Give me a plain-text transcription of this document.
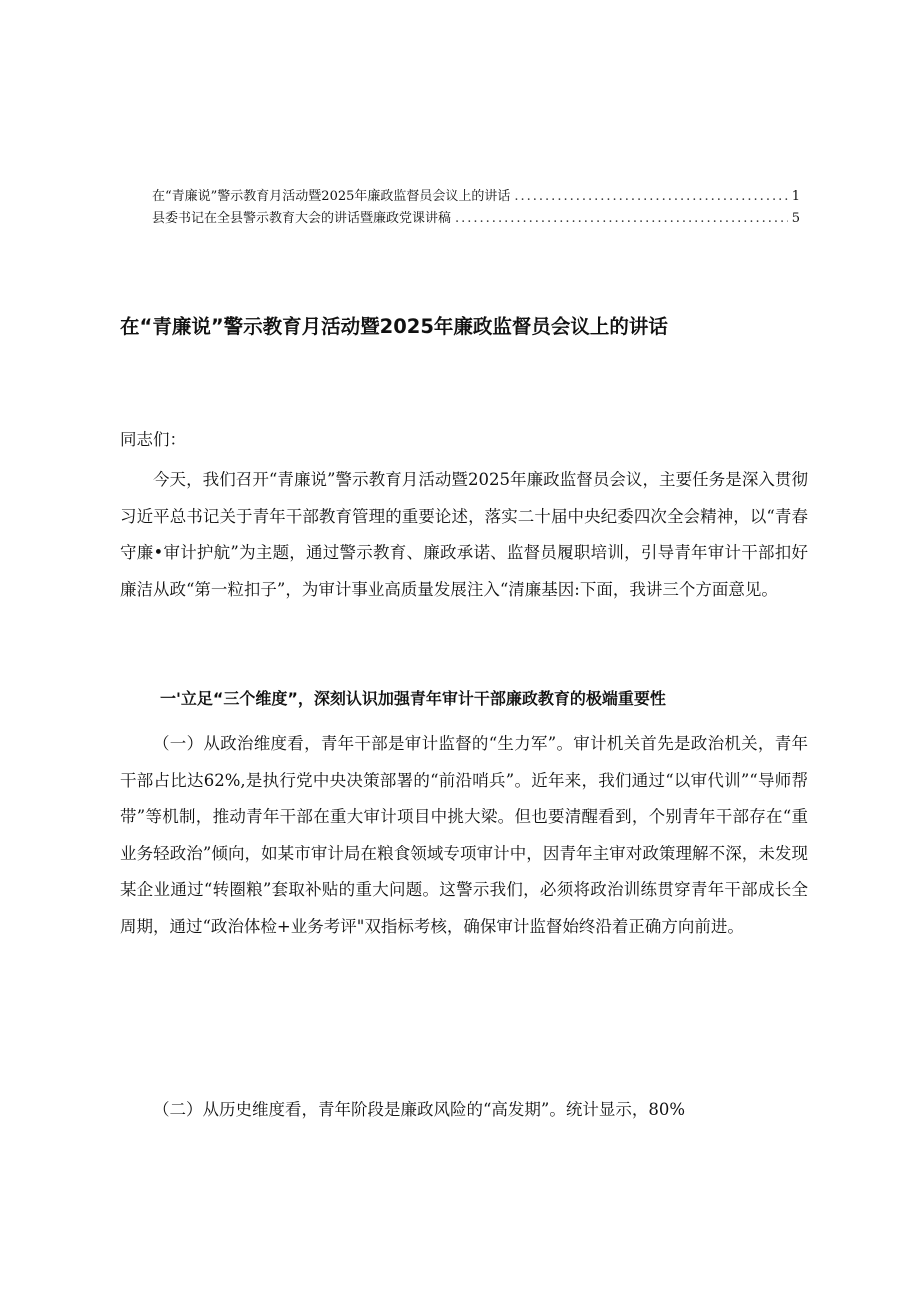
在“青廉说”警示教育月活动暨2025年廉政监督员会议上的讲话 .....	1
县委书记在全县警示教育大会的讲话暨廉政党课讲稿 .....	5
在“青廉说”警示教育月活动暨2025年廉政监督员会议上的讲话
同志们：

今天，我们召开“青廉说”警示教育月活动暨2025年廉政监督员会议，主要任务是深入贯彻习近平总书记关于青年干部教育管理的重要论述，落实二十届中央纪委四次全会精神，以“青春守廉•审计护航”为主题，通过警示教育、廉政承诺、监督员履职培训，引导青年审计干部扣好廉洁从政“第一粒扣子”，为审计事业高质量发展注入“清廉基因:下面，我讲三个方面意见。

一'立足“三个维度”，深刻认识加强青年审计干部廉政教育的极端重要性

（一）从政治维度看，青年干部是审计监督的“生力军”。审计机关首先是政治机关，青年干部占比达62%,是执行党中央决策部署的“前沿哨兵”。近年来，我们通过“以审代训”“导师帮带”等机制，推动青年干部在重大审计项目中挑大梁。但也要清醒看到，个别青年干部存在“重业务轻政治”倾向，如某市审计局在粮食领域专项审计中，因青年主审对政策理解不深，未发现某企业通过“转圈粮”套取补贴的重大问题。这警示我们，必须将政治训练贯穿青年干部成长全周期，通过“政治体检+业务考评"双指标考核，确保审计监督始终沿着正确方向前进。

（二）从历史维度看，青年阶段是廉政风险的“高发期”。统计显示，80%
